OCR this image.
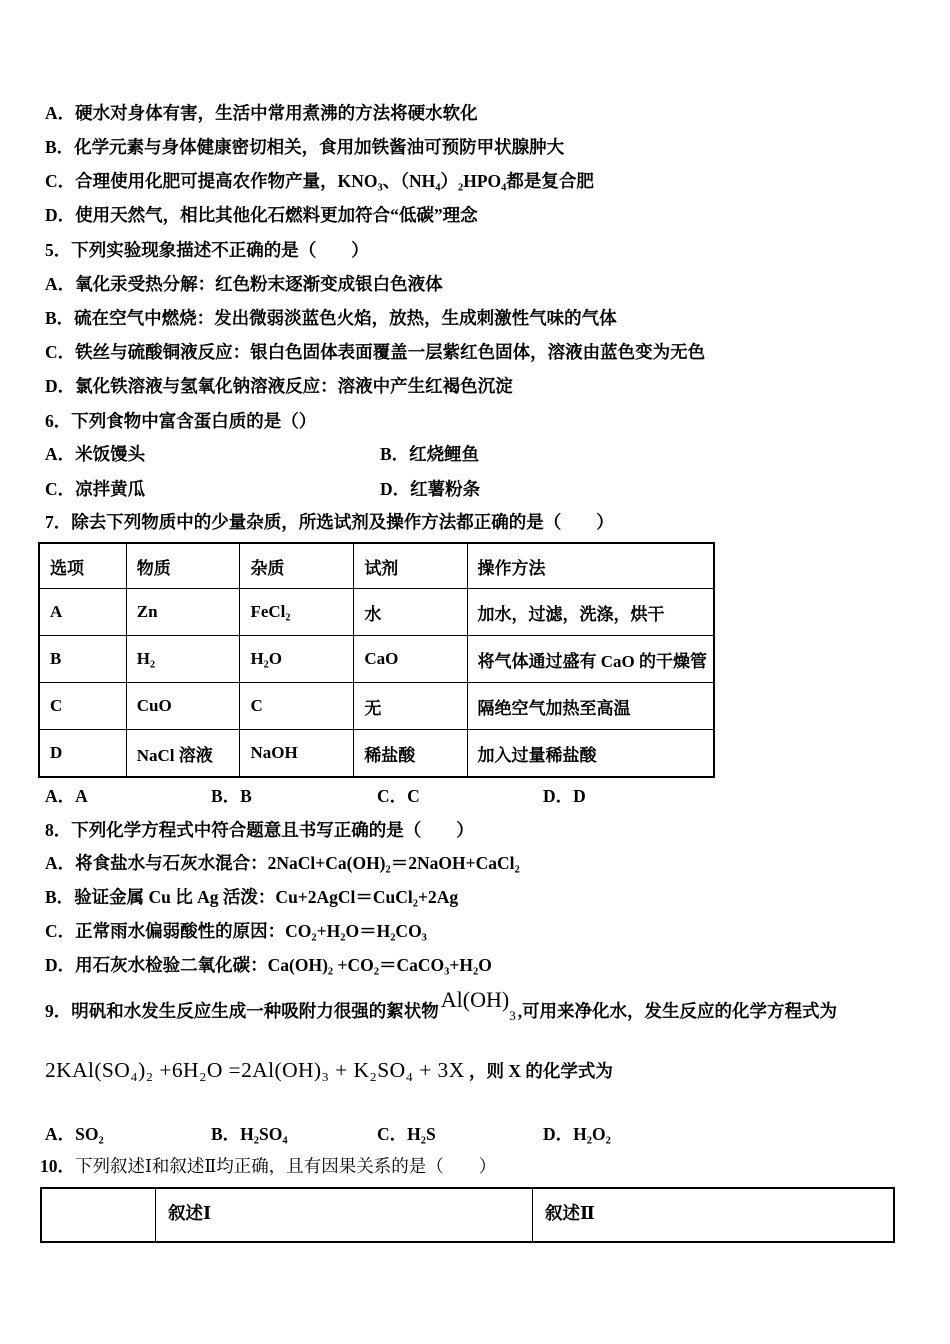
A．硬水对身体有害，生活中常用煮沸的方法将硬水软化
B．化学元素与身体健康密切相关，食用加铁酱油可预防甲状腺肿大
C．合理使用化肥可提高农作物产量，KNO₃、（NH₄）₂HPO₄都是复合肥
D．使用天然气，相比其他化石燃料更加符合“低碳”理念
5．下列实验现象描述不正确的是（　　）
A．氧化汞受热分解：红色粉末逐渐变成银白色液体
B．硫在空气中燃烧：发出微弱淡蓝色火焰，放热，生成刺激性气味的气体
C．铁丝与硫酸铜液反应：银白色固体表面覆盖一层紫红色固体，溶液由蓝色变为无色
D．氯化铁溶液与氢氧化钠溶液反应：溶液中产生红褐色沉淀
6．下列食物中富含蛋白质的是（）
A．米饭馒头	B．红烧鲤鱼
C．凉拌黄瓜	D．红薯粉条
7．除去下列物质中的少量杂质，所选试剂及操作方法都正确的是（　　）
选项	物质	杂质	试剂	操作方法
A	Zn	FeCl₂	水	加水，过滤，洗涤，烘干
B	H₂	H₂O	CaO	将气体通过盛有 CaO 的干燥管
C	CuO	C	无	隔绝空气加热至高温
D	NaCl 溶液	NaOH	稀盐酸	加入过量稀盐酸
A．A	B．B	C．C	D．D
8．下列化学方程式中符合题意且书写正确的是（　　）
A．将食盐水与石灰水混合：2NaCl+Ca(OH)₂＝2NaOH+CaCl₂
B．验证金属 Cu 比 Ag 活泼：Cu+2AgCl＝CuCl₂+2Ag
C．正常雨水偏弱酸性的原因：CO₂+H₂O＝H₂CO₃
D．用石灰水检验二氧化碳：Ca(OH)₂ +CO₂＝CaCO₃+H₂O
9．明矾和水发生反应生成一种吸附力很强的絮状物$Al(OH)_3$ ,可用来净化水，发生反应的化学方程式为
2KAl(SO₄)₂ +6H₂O =2Al(OH)₃ + K₂SO₄ + 3X ，则 X 的化学式为
A．SO₂	B．H₂SO₄	C．H₂S	D．H₂O₂
10．下列叙述Ⅰ和叙述Ⅱ均正确，且有因果关系的是（　　）
	叙述Ⅰ	叙述Ⅱ
